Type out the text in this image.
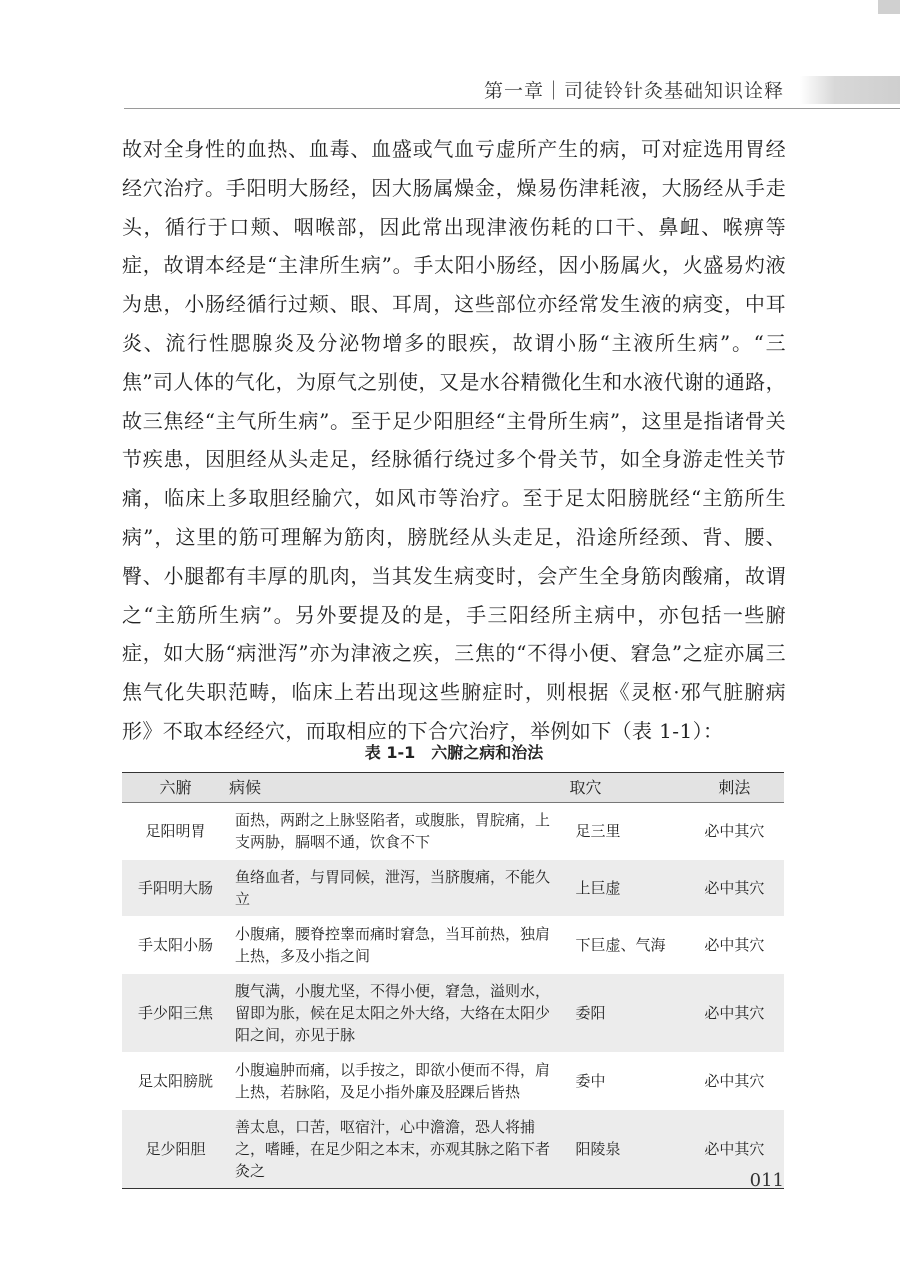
第一章｜司徒铃针灸基础知识诠释

故对全身性的血热、血毒、血盛或气血亏虚所产生的病，可对症选用胃经经穴治疗。手阳明大肠经，因大肠属燥金，燥易伤津耗液，大肠经从手走头，循行于口颊、咽喉部，因此常出现津液伤耗的口干、鼻衄、喉痹等症，故谓本经是“主津所生病”。手太阳小肠经，因小肠属火，火盛易灼液为患，小肠经循行过颊、眼、耳周，这些部位亦经常发生液的病变，中耳炎、流行性腮腺炎及分泌物增多的眼疾，故谓小肠“主液所生病”。“三焦”司人体的气化，为原气之别使，又是水谷精微化生和水液代谢的通路，故三焦经“主气所生病”。至于足少阳胆经“主骨所生病”，这里是指诸骨关节疾患，因胆经从头走足，经脉循行绕过多个骨关节，如全身游走性关节痛，临床上多取胆经腧穴，如风市等治疗。至于足太阳膀胱经“主筋所生病”，这里的筋可理解为筋肉，膀胱经从头走足，沿途所经颈、背、腰、臀、小腿都有丰厚的肌肉，当其发生病变时，会产生全身筋肉酸痛，故谓之“主筋所生病”。另外要提及的是，手三阳经所主病中，亦包括一些腑症，如大肠“病泄泻”亦为津液之疾，三焦的“不得小便、窘急”之症亦属三焦气化失职范畴，临床上若出现这些腑症时，则根据《灵枢·邪气脏腑病形》不取本经经穴，而取相应的下合穴治疗，举例如下（表 1-1）：

表 1-1　六腑之病和治法
六腑	病候	取穴	刺法
足阳明胃	面热，两跗之上脉竖陷者，或腹胀，胃脘痛，上支两胁，膈咽不通，饮食不下	足三里	必中其穴
手阳明大肠	鱼络血者，与胃同候，泄泻，当脐腹痛，不能久立	上巨虚	必中其穴
手太阳小肠	小腹痛，腰脊控睾而痛时窘急，当耳前热，独肩上热，多及小指之间	下巨虚、气海	必中其穴
手少阳三焦	腹气满，小腹尤坚，不得小便，窘急，溢则水，留即为胀，候在足太阳之外大络，大络在太阳少阳之间，亦见于脉	委阳	必中其穴
足太阳膀胱	小腹遍肿而痛，以手按之，即欲小便而不得，肩上热，若脉陷，及足小指外廉及胫踝后皆热	委中	必中其穴
足少阳胆	善太息，口苦，呕宿汁，心中澹澹，恐人将捕之，嗜睡，在足少阳之本末，亦观其脉之陷下者灸之	阳陵泉	必中其穴
011
